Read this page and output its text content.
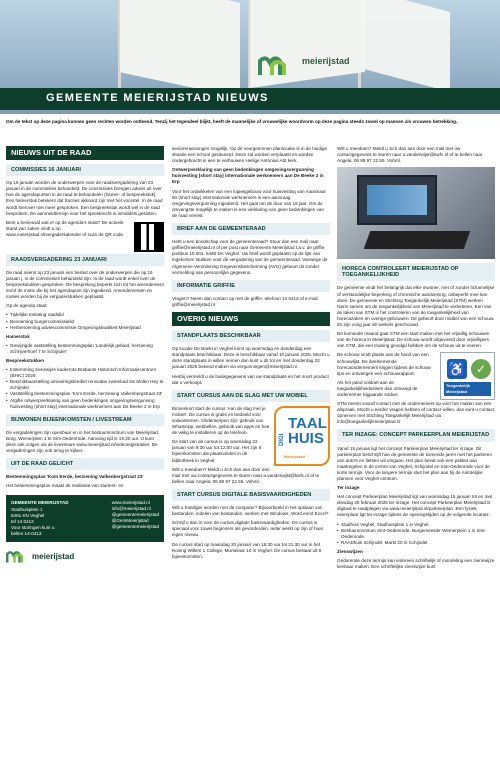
meierijstad
GEMEENTE MEIERIJSTAD NIEUWS
Om de tekst op deze pagina kunnen geen rechten worden ontleend. Tenzij het tegendeel blijkt, heeft de mannelijke of vrouwelijke woordvorm op deze pagina steeds zowel op mannen als vrouwen betrekking.
NIEUWS UIT DE RAAD
COMMISSIES 16 JANUARI

Op 16 januari worden de onderwerpen voor de raadsvergadering van 23 januari in de commissies behandeld. De commissies brengen advies uit over hoe de agendapunten in de raad te behandelen (hamer- of bespreekstuk). Een hamerstuk betekent dat fracties akkoord zijn met het voorstel. In de raad wordt hierover niet meer gesproken. Een bespreekstuk wordt wel in de raad besproken. De aanmeldtermijn voor het spreekrecht is inmiddels gesloten.

Bent u benieuwd wat er op de agenda's staat? De actuele stand van zaken vindt u op www.meierijstad.nl/vergaderkalender of scan de QR code.

RAADSVERGADERING 23 JANUARI

De raad neemt op 23 januari een besluit over de onderwerpen die op 16 januari j. in de commissies behandeld zijn. In de raad wordt enkel over de bespreekstukken gesproken. De bespreking beperkt zich tot het amendement en/of de motie die bij het agendapunt zijn ingediend. Amendementen en moties worden bij de vergaderstukken geplaatst.

Op de agenda staat:

• Tijdelijke toelating raadslid
• Benoeming burgercommissielid
• Herbenoeming adviescommissie Omgevingskwaliteit Meierijstad

Hamerstuk

• Gewijzigde vaststelling bestemmingsplan 'Landelijk gebied, herziening Schrijverhoef 7 te Schijndel'

Bespreekstukken

• Instemming zienswijze kaderrota Brabants Historisch Informatiecentrum (BHIC) 2026
• Beschikbaarstelling uitvoeringskrediet renovatie zwembad De Molen Hey te Schijndel
• Vaststelling bestemmingsplan 'Kom Eerde, herziening Valkenbergstraat 23'
• Afgifte ontwerpverklaring van geen bedenkingen omgevingsvergunning huisvesting (short stay) internationale werknemers aan De Beeke 2 in Erp
BIJWONEN BIJEENKOMSTEN / LIVESTREAM

De vergaderingen zijn openbaar en in het bestuurscentrum van Meierijstad, Burg. Wemerplein 1 te Sint-Oedenrode. Aanvang tijd is 19.30 uur. U kunt deze ook volgen via de livestream www.meierijstad.nl/videoregistraties. De vergaderingen zijn ook terug te kijken.

UIT DE RAAD GELICHT

Bestemmingsplan 'Kom Eerde, herziening Valkenbergstraat 23'

Het bestemmingsplan maakt de realisatie van starters- en

GEMEENTE MEIERIJSTAD
Stadhuisplein 1
5461 KN Veghel
tel 14 0413
Voor storingen kunt u
bellen 14-0413
www.meierijstad.nl
info@meierijstad.nl
@gemeentemeierijstad
@GemMeierijstad
@gemeentemeierijstad
meierijstad

seniorenwoningen mogelijk. Op de voorgenomen planlocatie is in de huidige situatie een school gesitueerd. Deze zal worden verplaatst en worden ondergebracht in een te verbouwen Heilige Antonius Abt kerk.

Ontwerpverklaring van geen bedenkingen omgevingsvergunning huisvesting (short stay) internationale werknemers aan De Beeke 2 in Erp

Voor het ontwikkelen van een logiesgebouw voor huisvesting van maximaal 60 (short stay) internationale werknemers is een aanvraag omgevingsvergunning ingediend. Het gaat om de duur van 15 jaar. Om de omvangste mogelijk te maken is een verklaring van geen bedenkingen van de raad vereist.

BRIEF AAN DE GEMEENTERAAD

Hebt u een boodschap voor de gemeenteraad? Stuur dan een mail naar griffie@meierijstad.nl of per post naar Gemeente Meierijstad t.a.v. de griffie, postbus 10.001, 5460 DA Veghel. Uw brief wordt geplaatst op de lijst van ingekomen stukken voor de vergadering van de gemeenteraad. Vanwege de Algemene Verordening Gegevensbescherming (AVG) gebeurt dit zonder vermelding van persoonlijke gegevens.

INFORMATIE GRIFFIE

Vragen? Neem dan contact op met de griffie, telefoon 14 0413 of e-mail griffie@meierijstad.nl

OVERIG NIEUWS
STANDPLAATS BESCHIKBAAR

Op locatie De Boekt in Veghel komt op woensdag en donderdag een standplaats beschikbaar. Deze is beschikbaar vanaf 10 januari 2025. Mocht u deze standplaats in willen nemen dan kunt u dit tot en met donderdag 22 januari 2025 bekend maken via vergunningen@meierijstad.nl.

Hierbij vermeldt u de basisgegevens van uw standplaats en het soort product dat u verkoopt.

START CURSUS AAN DE SLAG MET UW MOBIEL
DIGI
TAAL HUIS
Meierijstad

Binnenkort start de cursus 'Aan de slag met je mobiel'. De cursus is gratis en bedoeld voor volwassenen. Onderwerpen zijn: gebruik van WhatsApp, webbellen, gebruik van apps en hoe de veilig te installeren op de telefoon.

De start van de cursus is op woensdag 22 januari van 9:30 uur tot 12:00 uur. Het zijn 6 bijeenkomsten die plaatsvinden in de bibliotheek in Veghel.

Wilt u meedoen? Meldt u zich dan aan door een mail met uw contactgegevens te sturen naar a.vanderwijst@kwfc.nl of te bellen naar Angela: 06 89 97 22 55. VolVol.

START CURSUS DIGITALE BASISVAARDIGHEDEN

Wilt u handiger worden met de computer? Bijvoorbeeld in het opslaan van bestanden, indelen van bestanden, werken met Windows, Word en/of Excel?

Schrijf u dan in voor de cursus digitale basisvaardigheden. De cursus is speciaal voor zowel beginners als gevorderden. Ieder werkt op zijn of haar eigen niveau.

De cursus start op maandag 20 januari van 18.30 uur tot 21.30 uur in het Koning Willem 1 College, Muntelaar 10 in Veghel. De cursus bestaat uit 8 bijeenkomsten.

Wilt u meedoen? Meldt u zich dan aan door een mail met uw contactgegevens te sturen naar a.vanderwijst@kwfc.nl of te bellen naar Angela: 06 89 97 22 55. VolVol.

HORECA CONTROLEERT MEIERIJSTAD OP TOEGANKELIJKHEID

De gemeente vindt het belangrijk dat elke inwoner, met of zonder lichamelijke of verstandelijke beperking of chronische aandoening, onbeperkt mee kan doen. De gemeente en Stichting Toegankelijk Meierijstad (STM) werken hierin samen om de toegankelijkheid van Meierijstad te verbeteren. Een van de taken van STM is het controleren van de toegankelijkheid van horecazaken en overige gebouwen. Dit gebeurt door middel van een schouw. Zo zijn vorig jaar de winkels geschouwd.

De komende maand gaat STM een start maken met het vrijwillig schouwen van de horeca in Meierijstad. De schouw wordt uitgevoerd door vrijwilligers van STM, die een training gevolgd hebben om de schouw uit te voeren.

De schouw vindt plaats aan de hand van een schouwlijst. De deelnemende horecaondernemers krijgen tijdens de schouw tips en ontvangen een schouwrapport.

Als het pand voldoet aan de toegankelijkheidseisen dan ontvangt de ondernemer bijgaande sticker.

♿ ✓
Toegankelijk Meierijstad

STM neemt vooraf contact met de ondernemers op voor het maken van een afspraak. Mocht u eerder vragen hebben of contact willen, dan kunt u contact opnemen met Stichting Toegankelijk Meierijstad via info@toegankelijkmeierijstad.nl

TER INZAGE: CONCEPT PARKEERPLAN MEIERIJSTAD

Vanaf 15 januari ligt het concept Parkeerplan Meierijstad ter inzage. Dit parkeerplan beschrijft hoe de gemeente de komende jaren met het parkeren van auto's en fietsen wil omgaan. Het plan bevat ook een pakket aan maatregelen in de centra van Veghel, Schijndel en Sint-Oedenrode voor de korte termijn. Voor de langere termijn sluit het plan aan bij de ruimtelijke plannen voor Veghel centrum.

Ter inzage

Het concept Parkeerplan Meierijstad ligt van woensdag 15 januari tot en met dinsdag 25 februari 2025 ter inzage. Het concept Parkeerplan Meierijstad is digitaal te raadplegen via www.meierijstad.nl/parkeerplan. Een fysiek exemplaar ligt ter inzage tijdens de openingstijden op de volgende locaties:

• Stadhuis Veghel, Stadhuisplein 1 in Veghel.
• Bestuurscentrum Sint-Oedenrode, Burgemeester Wemerplein 1 in Sint-Oedenrode.
• RAADhuis Schijndel, Markt 20 in Schijndel.

Zienswijzen

Gedurende deze termijn kan iedereen schriftelijk of mondeling een zienswijze kenbaar maken. Een schriftelijke zienswijze kunt
